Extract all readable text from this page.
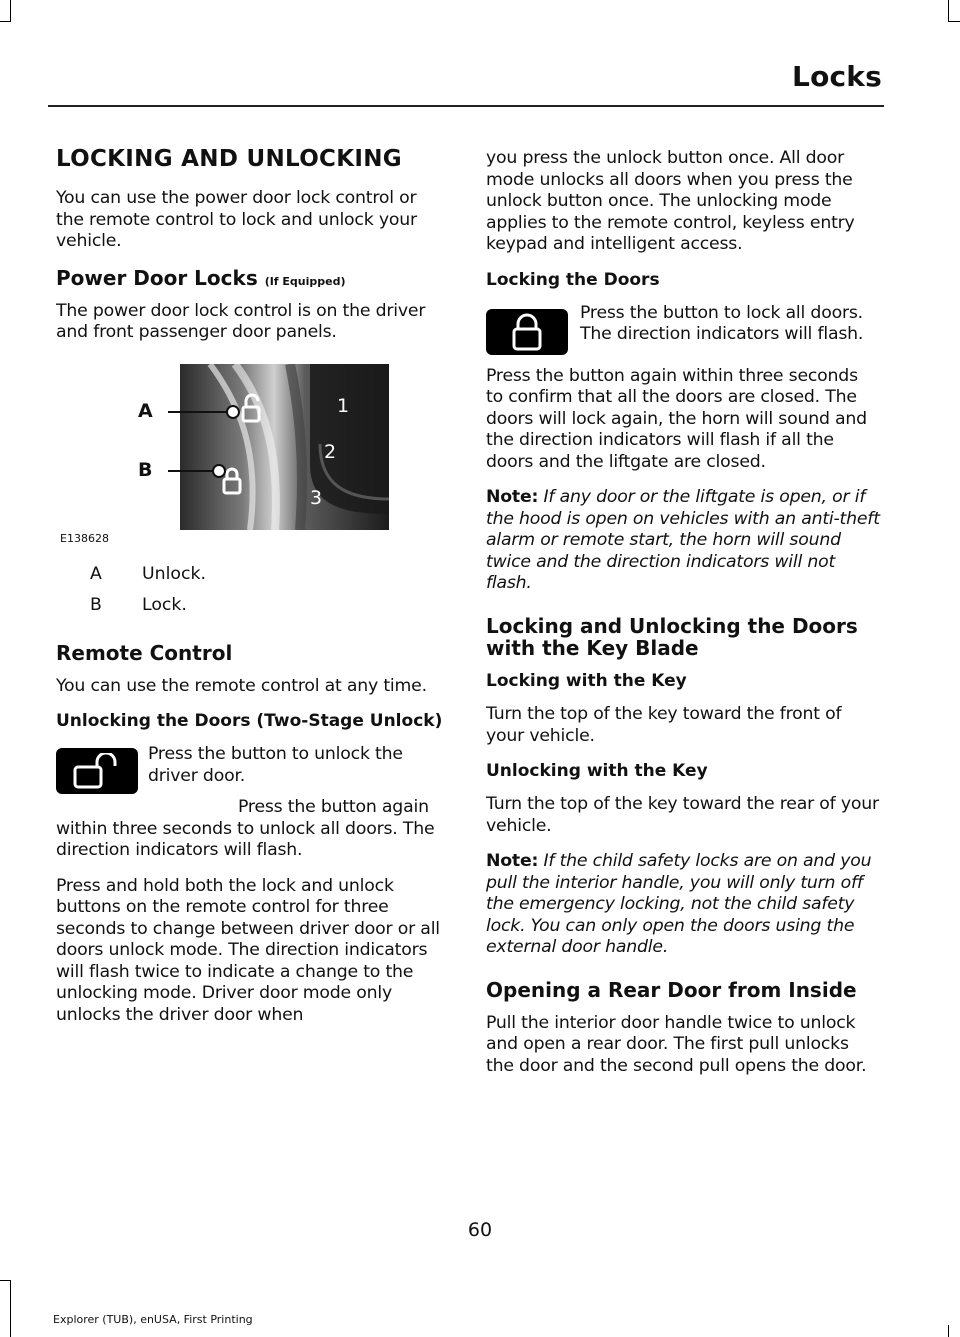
Locks
LOCKING AND UNLOCKING

You can use the power door lock control or the remote control to lock and unlock your vehicle.

Power Door Locks (If Equipped)

The power door lock control is on the driver and front passenger door panels.

1
2
3
A
B
E138628
A	Unlock.
B	Lock.
Remote Control

You can use the remote control at any time.

Unlocking the Doors (Two-Stage Unlock)

Press the button to unlock the driver door.

Press the button again within three seconds to unlock all doors. The direction indicators will flash.

Press and hold both the lock and unlock buttons on the remote control for three seconds to change between driver door or all doors unlock mode. The direction indicators will flash twice to indicate a change to the unlocking mode. Driver door mode only unlocks the driver door when

you press the unlock button once. All door mode unlocks all doors when you press the unlock button once. The unlocking mode applies to the remote control, keyless entry keypad and intelligent access.

Locking the Doors

Press the button to lock all doors. The direction indicators will flash.

Press the button again within three seconds to confirm that all the doors are closed. The doors will lock again, the horn will sound and the direction indicators will flash if all the doors and the liftgate are closed.

Note: If any door or the liftgate is open, or if the hood is open on vehicles with an anti-theft alarm or remote start, the horn will sound twice and the direction indicators will not flash.

Locking and Unlocking the Doors with the Key Blade
Locking with the Key

Turn the top of the key toward the front of your vehicle.

Unlocking with the Key

Turn the top of the key toward the rear of your vehicle.

Note: If the child safety locks are on and you pull the interior handle, you will only turn off the emergency locking, not the child safety lock. You can only open the doors using the external door handle.

Opening a Rear Door from Inside

Pull the interior door handle twice to unlock and open a rear door. The first pull unlocks the door and the second pull opens the door.

60
Explorer (TUB), enUSA, First Printing
